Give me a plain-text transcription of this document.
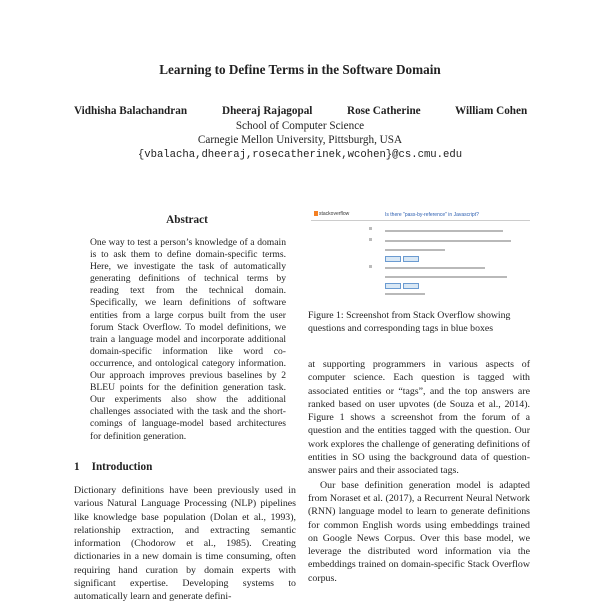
Learning to Define Terms in the Software Domain
Vidhisha Balachandran	Dheeraj Rajagopal	Rose Catherine	William Cohen
School of Computer Science
Carnegie Mellon University, Pittsburgh, USA
{vbalacha,dheeraj,rosecatherinek,wcohen}@cs.cmu.edu
Abstract
One way to test a person’s knowledge of a domain is to ask them to define domain-specific terms. Here, we investigate the task of automatically generating definitions of technical terms by reading text from the technical domain. Specifically, we learn definitions of software entities from a large corpus built from the user forum Stack Overflow. To model definitions, we train a language model and incorporate additional domain-specific information like word co-occurrence, and ontological category information. Our approach improves previous baselines by 2 BLEU points for the definition generation task. Our experiments also show the additional challenges associated with the task and the short-comings of language-model based architectures for definition generation.
1 Introduction

Dictionary definitions have been previously used in various Natural Language Processing (NLP) pipelines like knowledge base population (Dolan et al., 1993), relationship extraction, and extracting semantic information (Chodorow et al., 1985). Creating dictionaries in a new domain is time consuming, often requiring hand curation by domain experts with significant expertise. Developing systems to automatically learn and generate defini-

stackoverflow	Is there "pass-by-reference" in Javascript?
Figure 1: Screenshot from Stack Overflow showing questions and corresponding tags in blue boxes

at supporting programmers in various aspects of computer science. Each question is tagged with associated entities or “tags”, and the top answers are ranked based on user upvotes (de Souza et al., 2014). Figure 1 shows a screenshot from the forum of a question and the entities tagged with the question. Our work explores the challenge of generating definitions of entities in SO using the background data of question-answer pairs and their associated tags.

Our base definition generation model is adapted from Noraset et al. (2017), a Recurrent Neural Network (RNN) language model to learn to generate definitions for common English words using embeddings trained on Google News Corpus. Over this base model, we leverage the distributed word information via the embeddings trained on domain-specific Stack Overflow corpus.
